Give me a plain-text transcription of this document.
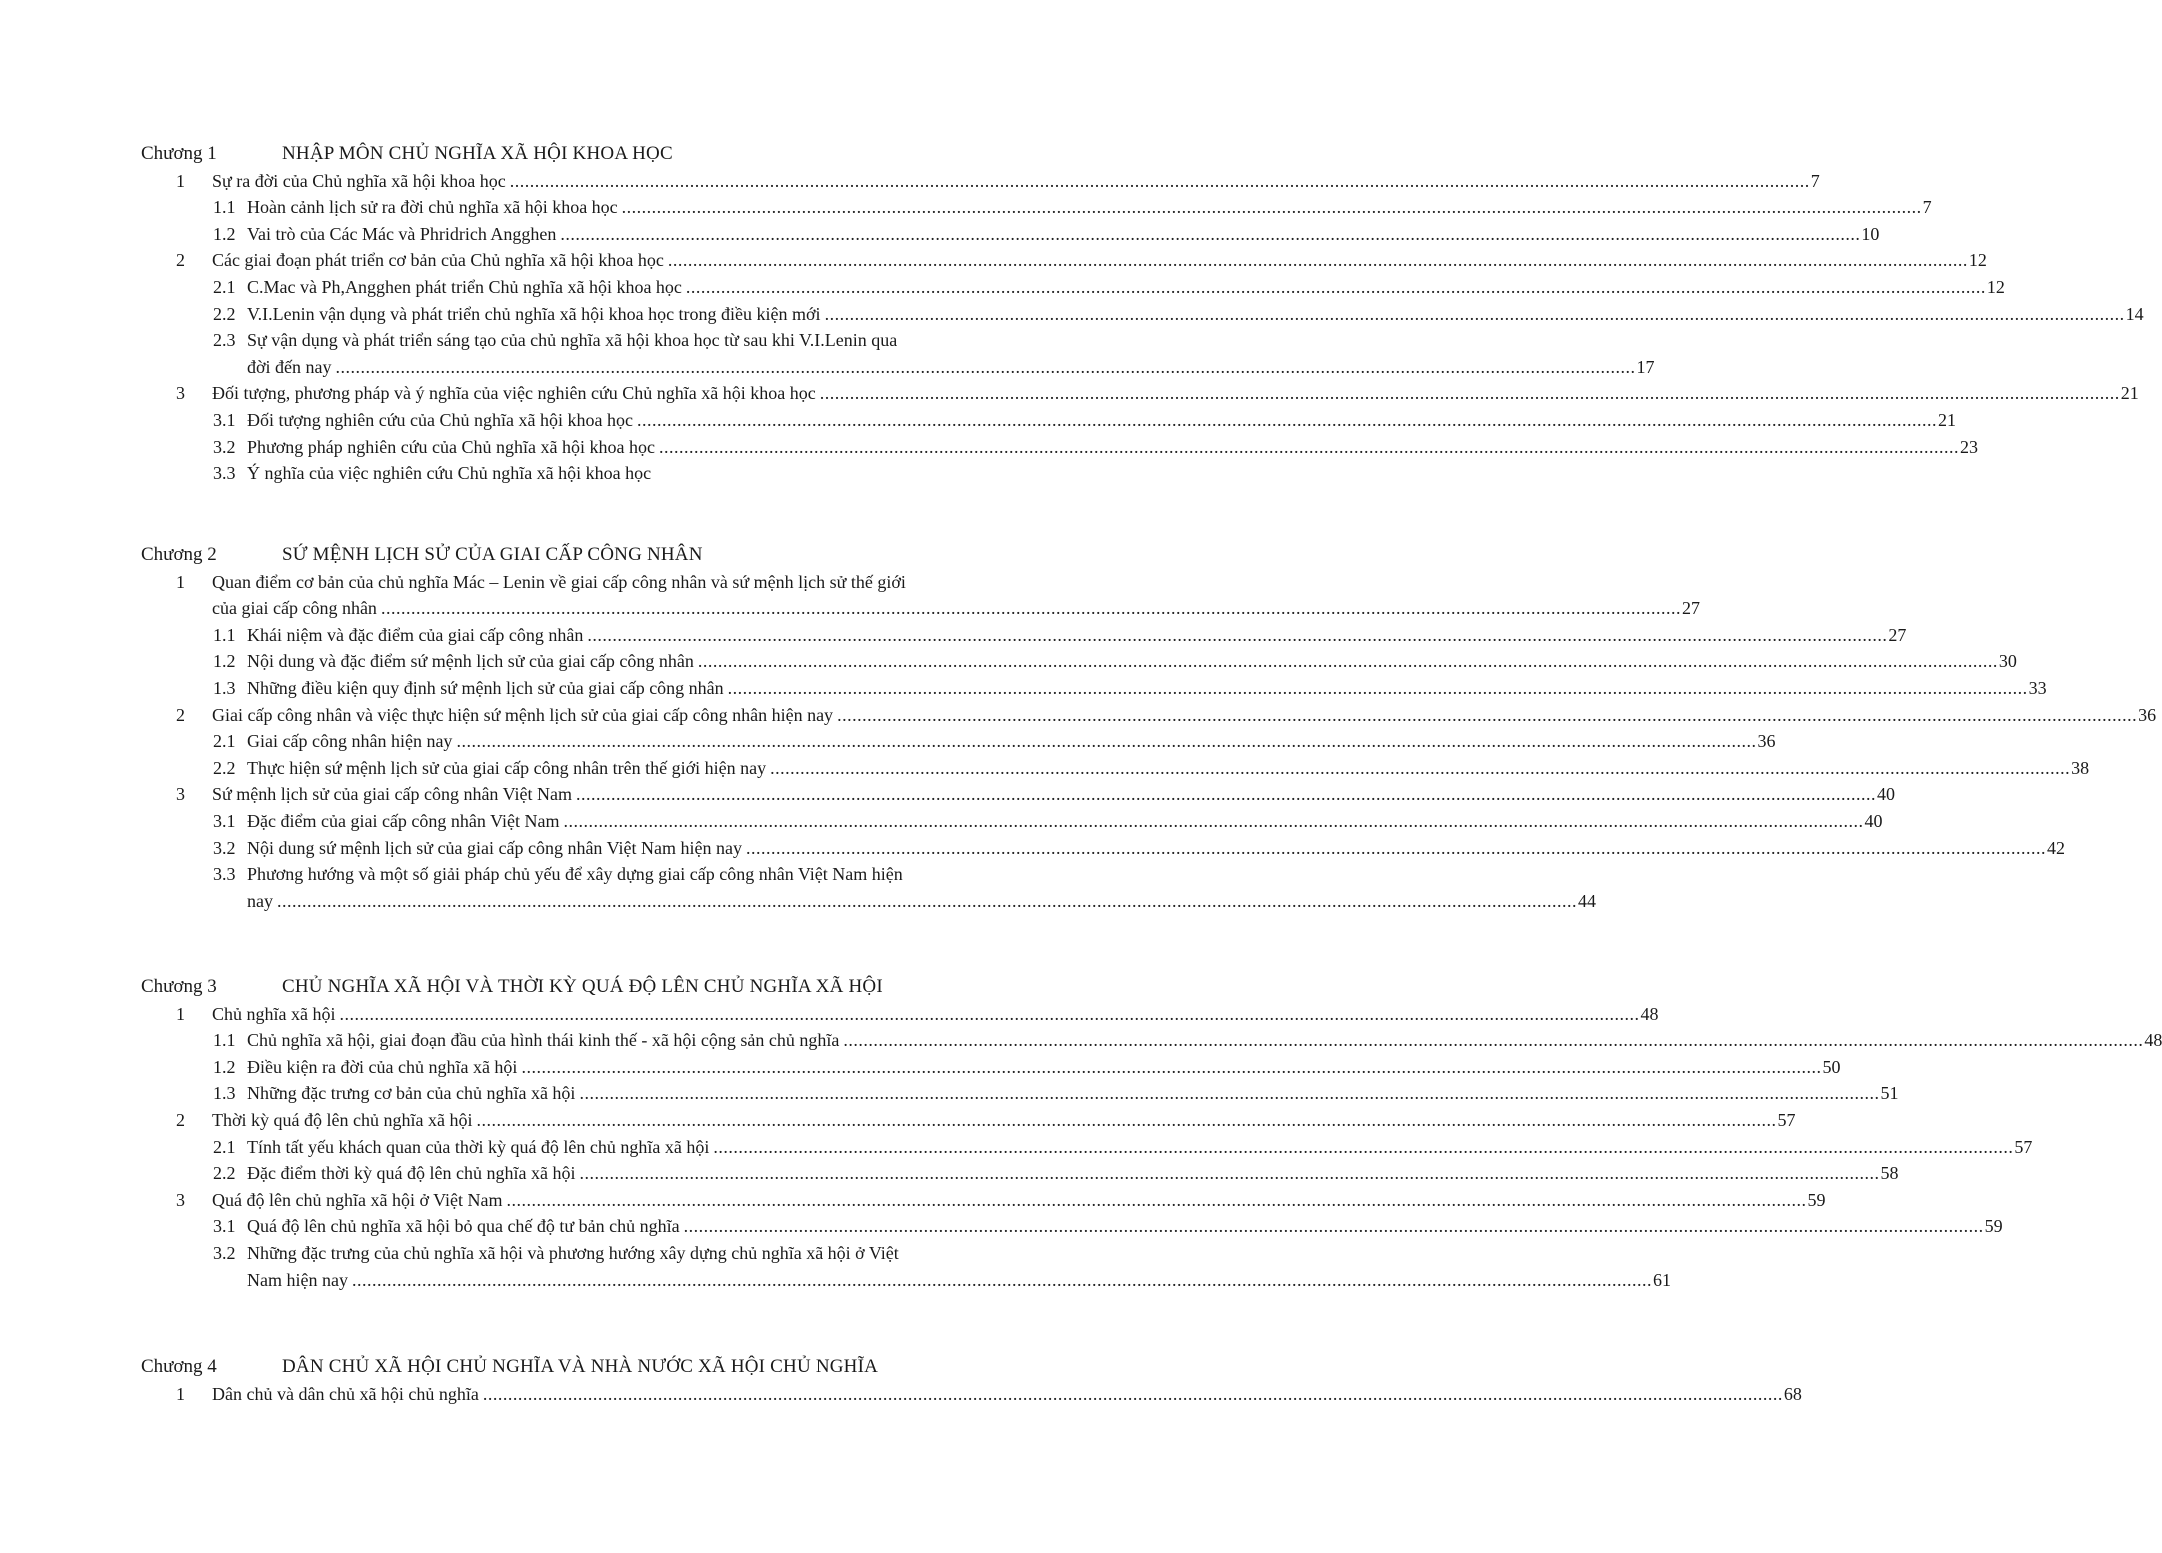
Chương 1	NHẬP MÔN CHỦ NGHĨA XÃ HỘI KHOA HỌC
1 Sự ra đời của Chủ nghĩa xã hội khoa học .................................................................................................................................................................................................................................................................... 7
1.1 Hoàn cảnh lịch sử ra đời chủ nghĩa xã hội khoa học .................................................................................................................................................................................................................................................................... 7
1.2 Vai trò của Các Mác và Phridrich Angghen .................................................................................................................................................................................................................................................................... 10
2 Các giai đoạn phát triển cơ bản của Chủ nghĩa xã hội khoa học .................................................................................................................................................................................................................................................................... 12
2.1 C.Mac và Ph,Angghen phát triển Chủ nghĩa xã hội khoa học .................................................................................................................................................................................................................................................................... 12
2.2 V.I.Lenin vận dụng và phát triển chủ nghĩa xã hội khoa học trong điều kiện mới .................................................................................................................................................................................................................................................................... 14
2.3 Sự vận dụng và phát triển sáng tạo của chủ nghĩa xã hội khoa học từ sau khi V.I.Lenin qua
đời đến nay .................................................................................................................................................................................................................................................................... 17
3 Đối tượng, phương pháp và ý nghĩa của việc nghiên cứu Chủ nghĩa xã hội khoa học .................................................................................................................................................................................................................................................................... 21
3.1 Đối tượng nghiên cứu của Chủ nghĩa xã hội khoa học .................................................................................................................................................................................................................................................................... 21
3.2 Phương pháp nghiên cứu của Chủ nghĩa xã hội khoa học .................................................................................................................................................................................................................................................................... 23
3.3 Ý nghĩa của việc nghiên cứu Chủ nghĩa xã hội khoa học
Chương 2	SỨ MỆNH LỊCH SỬ CỦA GIAI CẤP CÔNG NHÂN
1 Quan điểm cơ bản của chủ nghĩa Mác – Lenin về giai cấp công nhân và sứ mệnh lịch sử thế giới
của giai cấp công nhân .................................................................................................................................................................................................................................................................... 27
1.1 Khái niệm và đặc điểm của giai cấp công nhân .................................................................................................................................................................................................................................................................... 27
1.2 Nội dung và đặc điểm sứ mệnh lịch sử của giai cấp công nhân .................................................................................................................................................................................................................................................................... 30
1.3 Những điều kiện quy định sứ mệnh lịch sử của giai cấp công nhân .................................................................................................................................................................................................................................................................... 33
2 Giai cấp công nhân và việc thực hiện sứ mệnh lịch sử của giai cấp công nhân hiện nay .................................................................................................................................................................................................................................................................... 36
2.1 Giai cấp công nhân hiện nay .................................................................................................................................................................................................................................................................... 36
2.2 Thực hiện sứ mệnh lịch sử của giai cấp công nhân trên thế giới hiện nay .................................................................................................................................................................................................................................................................... 38
3 Sứ mệnh lịch sử của giai cấp công nhân Việt Nam .................................................................................................................................................................................................................................................................... 40
3.1 Đặc điểm của giai cấp công nhân Việt Nam .................................................................................................................................................................................................................................................................... 40
3.2 Nội dung sứ mệnh lịch sử của giai cấp công nhân Việt Nam hiện nay .................................................................................................................................................................................................................................................................... 42
3.3 Phương hướng và một số giải pháp chủ yếu để xây dựng giai cấp công nhân Việt Nam hiện
nay .................................................................................................................................................................................................................................................................... 44
Chương 3	CHỦ NGHĨA XÃ HỘI VÀ THỜI KỲ QUÁ ĐỘ LÊN CHỦ NGHĨA XÃ HỘI
1 Chủ nghĩa xã hội .................................................................................................................................................................................................................................................................... 48
1.1 Chủ nghĩa xã hội, giai đoạn đầu của hình thái kinh thế - xã hội cộng sản chủ nghĩa .................................................................................................................................................................................................................................................................... 48
1.2 Điều kiện ra đời của chủ nghĩa xã hội .................................................................................................................................................................................................................................................................... 50
1.3 Những đặc trưng cơ bản của chủ nghĩa xã hội .................................................................................................................................................................................................................................................................... 51
2 Thời kỳ quá độ lên chủ nghĩa xã hội .................................................................................................................................................................................................................................................................... 57
2.1 Tính tất yếu khách quan của thời kỳ quá độ lên chủ nghĩa xã hội .................................................................................................................................................................................................................................................................... 57
2.2 Đặc điểm thời kỳ quá độ lên chủ nghĩa xã hội .................................................................................................................................................................................................................................................................... 58
3 Quá độ lên chủ nghĩa xã hội ở Việt Nam .................................................................................................................................................................................................................................................................... 59
3.1 Quá độ lên chủ nghĩa xã hội bỏ qua chế độ tư bản chủ nghĩa .................................................................................................................................................................................................................................................................... 59
3.2 Những đặc trưng của chủ nghĩa xã hội và phương hướng xây dựng chủ nghĩa xã hội ở Việt
Nam hiện nay .................................................................................................................................................................................................................................................................... 61
Chương 4	DÂN CHỦ XÃ HỘI CHỦ NGHĨA VÀ NHÀ NƯỚC XÃ HỘI CHỦ NGHĨA
1 Dân chủ và dân chủ xã hội chủ nghĩa .................................................................................................................................................................................................................................................................... 68
